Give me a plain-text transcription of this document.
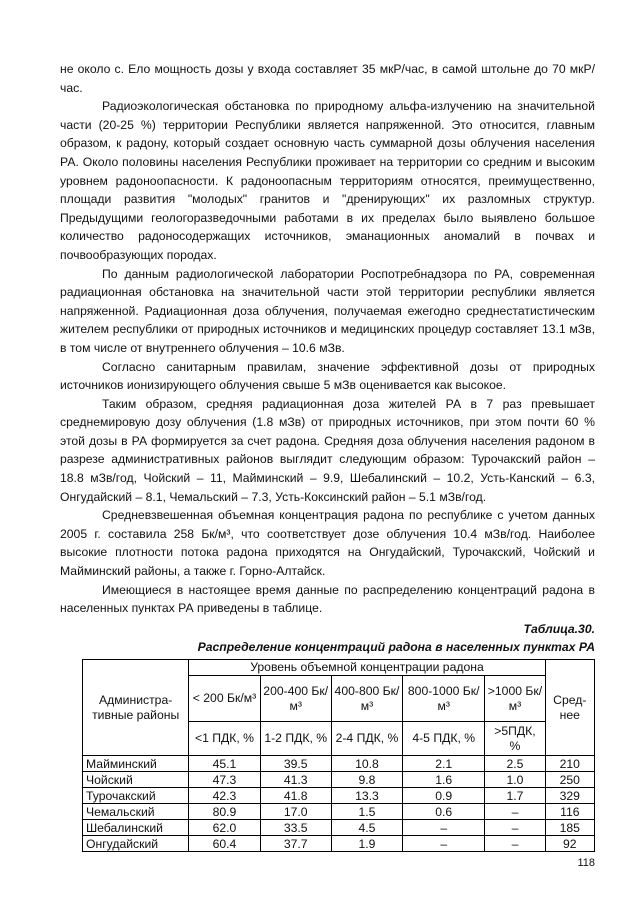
не около с. Ело мощность дозы у входа составляет 35 мкР/час, в самой штольне до 70 мкР/час.

Радиоэкологическая обстановка по природному альфа-излучению на значительной части (20-25 %) территории Республики является напряженной. Это относится, главным образом, к радону, который создает основную часть суммарной дозы облучения населения РА. Около половины населения Республики проживает на территории со средним и высоким уровнем радоноопасности. К радоноопасным территориям относятся, преимущественно, площади развития "молодых" гранитов и "дренирующих" их разломных структур. Предыдущими геологоразведочными работами в их пределах было выявлено большое количество радоносодержащих источников, эманационных аномалий в почвах и почвообразующих породах.

По данным радиологической лаборатории Роспотребнадзора по РА, современная радиационная обстановка на значительной части этой территории республики является напряженной. Радиационная доза облучения, получаемая ежегодно среднестатистическим жителем республики от природных источников и медицинских процедур составляет 13.1 мЗв, в том числе от внутреннего облучения – 10.6 мЗв.

Согласно санитарным правилам, значение эффективной дозы от природных источников ионизирующего облучения свыше 5 мЗв оценивается как высокое.

Таким образом, средняя радиационная доза жителей РА в 7 раз превышает среднемировую дозу облучения (1.8 мЗв) от природных источников, при этом почти 60 % этой дозы в РА формируется за счет радона. Средняя доза облучения населения радоном в разрезе административных районов выглядит следующим образом: Турочакский район – 18.8 мЗв/год, Чойский – 11, Майминский – 9.9, Шебалинский – 10.2, Усть-Канский – 6.3, Онгудайский – 8.1, Чемальский – 7.3, Усть-Коксинский район – 5.1 мЗв/год.

Средневзвешенная объемная концентрация радона по республике с учетом данных 2005 г. составила 258 Бк/м³, что соответствует дозе облучения 10.4 мЗв/год. Наиболее высокие плотности потока радона приходятся на Онгудайский, Турочакский, Чойский и Майминский районы, а также г. Горно-Алтайск.

Имеющиеся в настоящее время данные по распределению концентраций радона в населенных пунктах РА приведены в таблице.

Таблица.30.
Распределение концентраций радона в населенных пунктах РА
Администра-тивные районы	Уровень объемной концентрации радона					Сред-нее
	< 200 Бк/м³	200-400 Бк/м³	400-800 Бк/м³	800-1000 Бк/м³	>1000 Бк/м³	
	<1 ПДК, %	1-2 ПДК, %	2-4 ПДК, %	4-5 ПДК, %	>5ПДК, %	
Майминский	45.1	39.5	10.8	2.1	2.5	210
Чойский	47.3	41.3	9.8	1.6	1.0	250
Турочакский	42.3	41.8	13.3	0.9	1.7	329
Чемальский	80.9	17.0	1.5	0.6	–	116
Шебалинский	62.0	33.5	4.5	–	–	185
Онгудайский	60.4	37.7	1.9	–	–	92
118
